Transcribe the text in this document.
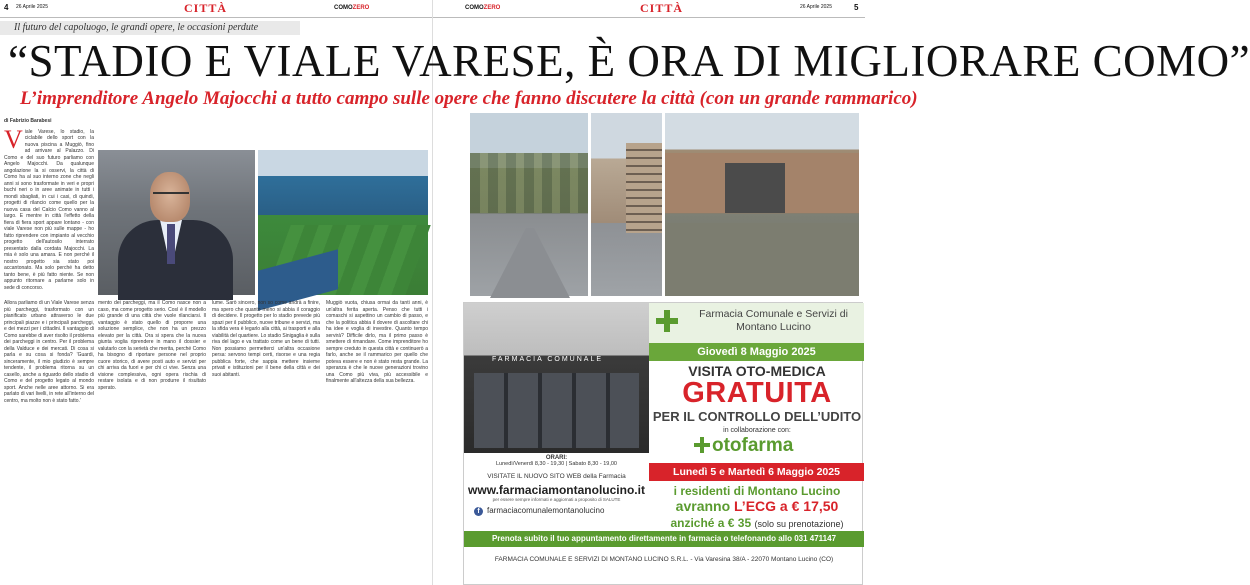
4 26 Aprile 2025	CITTÀ	COMOZERO	COMOZERO	CITTÀ	26 Aprile 2025	5
Il futuro del capoluogo, le grandi opere, le occasioni perdute
“STADIO E VIALE VARESE, È ORA DI MIGLIORARE COMO”
L’imprenditore Angelo Majocchi a tutto campo sulle opere che fanno discutere la città (con un grande rammarico)
di Fabrizio Barabesi
V iale Varese, lo stadio, la ciclabile dello sport con la nuova piscina a Muggiò, fino ad arrivare al Palazzo. Di Como e del suo futuro parliamo con Angelo Majocchi. Da qualunque angolazione la si osservi, la città di Como ha al suo interno zone che negli anni si sono trasformate in veri e propri buchi neri o in aree animate in tutti i mondi sbagliati, in cui i casi, di quindi, progetti di rilancio come quello per la nuova casa del Calcio Como vanno al largo. E mentre in città l'effetto della fiera di fiera sport appare lontano - con viale Varese non più sulle mappe - ho fatto riprendere con impianto al vecchio progetto dell'autosilo interrato presentato dalla cordata Majocchi. La mia è solo una amara. E non perché il nostro progetto sia stato poi accantonato. Ma solo perché ha detto tanto bene, è più fatto niente. Se non appunto ritornare a parlarne solo in sede di concorso.
Allora parliamo di un Viale Varese senza più parcheggi, trasformato con un pianificato urbano attraverso le due principali piazze e i principali parcheggi, e dei mezzi per i cittadini. Il vantaggio di Como sarebbe di aver risolto il problema dei parcheggi in centro. Per il problema della Valduce e dei mercati. Di cosa si parla e su cosa si fonda? 'Guardi, sinceramente, il mio giudizio è sempre tendente, il problema ritorna su un casello, anche a riguardo dello stadio di Como e del progetto legato al mondo sport. Anche nelle aree attorno. Si era parlato di vari livelli, in rete all'interno del centro, ma molto non è stato fatto.'
mento dei parcheggi, ma il Como nasce non a caso, ma come progetto serio. Così è il modello più grande di una città che vuole rilanciarsi. Il vantaggio è stato quello di proporre una soluzione semplice, che non ha un prezzo elevato per la città. Ora si spera che la nuova giunta voglia riprendere in mano il dossier e valutarlo con la serietà che merita, perché Como ha bisogno di riportare persone nel proprio cuore storico, di avere posti auto e servizi per chi arriva da fuori e per chi ci vive. Senza una visione complessiva, ogni opera rischia di restare isolata e di non produrre il risultato sperato.
lume. Sarò sincero, non so come andrà a finire, ma spero che quanto meno si abbia il coraggio di decidere. Il progetto per lo stadio prevede più spazi per il pubblico, nuove tribune e servizi, ma la sfida vera è legarlo alla città, ai trasporti e alla viabilità del quartiere. Lo stadio Sinigaglia è sulla riva del lago e va trattato come un bene di tutti. Non possiamo permetterci un'altra occasione persa: servono tempi certi, risorse e una regia pubblica forte, che sappia mettere insieme privati e istituzioni per il bene della città e dei suoi abitanti.
Muggiò vuota, chiusa ormai da tanti anni, è un'altra ferita aperta. Penso che tutti i comaschi si aspettino un cambio di passo, e che la politica abbia il dovere di ascoltare chi ha idee e voglia di investire. Quanto tempo servirà? Difficile dirlo, ma il primo passo è smettere di rimandare. Come imprenditore ho sempre creduto in questa città e continuerò a farlo, anche se il rammarico per quello che poteva essere e non è stato resta grande. La speranza è che le nuove generazioni trovino una Como più viva, più accessibile e finalmente all'altezza della sua bellezza.
FARMACIA COMUNALE
Farmacia Comunale e Servizi di Montano Lucino
Giovedì 8 Maggio 2025
VISITA OTO-MEDICA
GRATUITA
PER IL CONTROLLO DELL’UDITO
in collaborazione con:
otofarma
Lunedì 5 e Martedì 6 Maggio 2025
i residenti di Montano Lucino
avranno L’ECG a € 17,50
anziché a € 35 (solo su prenotazione)
ORARI:
Lunedì/Venerdì 8,30 - 19,30 | Sabato 8,30 - 19,00
VISITATE IL NUOVO SITO WEB della Farmacia
www.farmaciamontanolucino.it
per essere sempre informati e aggiornati a proposito di SALUTE
f farmaciacomunalemontanolucino
Prenota subito il tuo appuntamento direttamente in farmacia o telefonando allo 031 471147
FARMACIA COMUNALE E SERVIZI DI MONTANO LUCINO S.R.L. - Via Varesina 38/A - 22070 Montano Lucino (CO)
